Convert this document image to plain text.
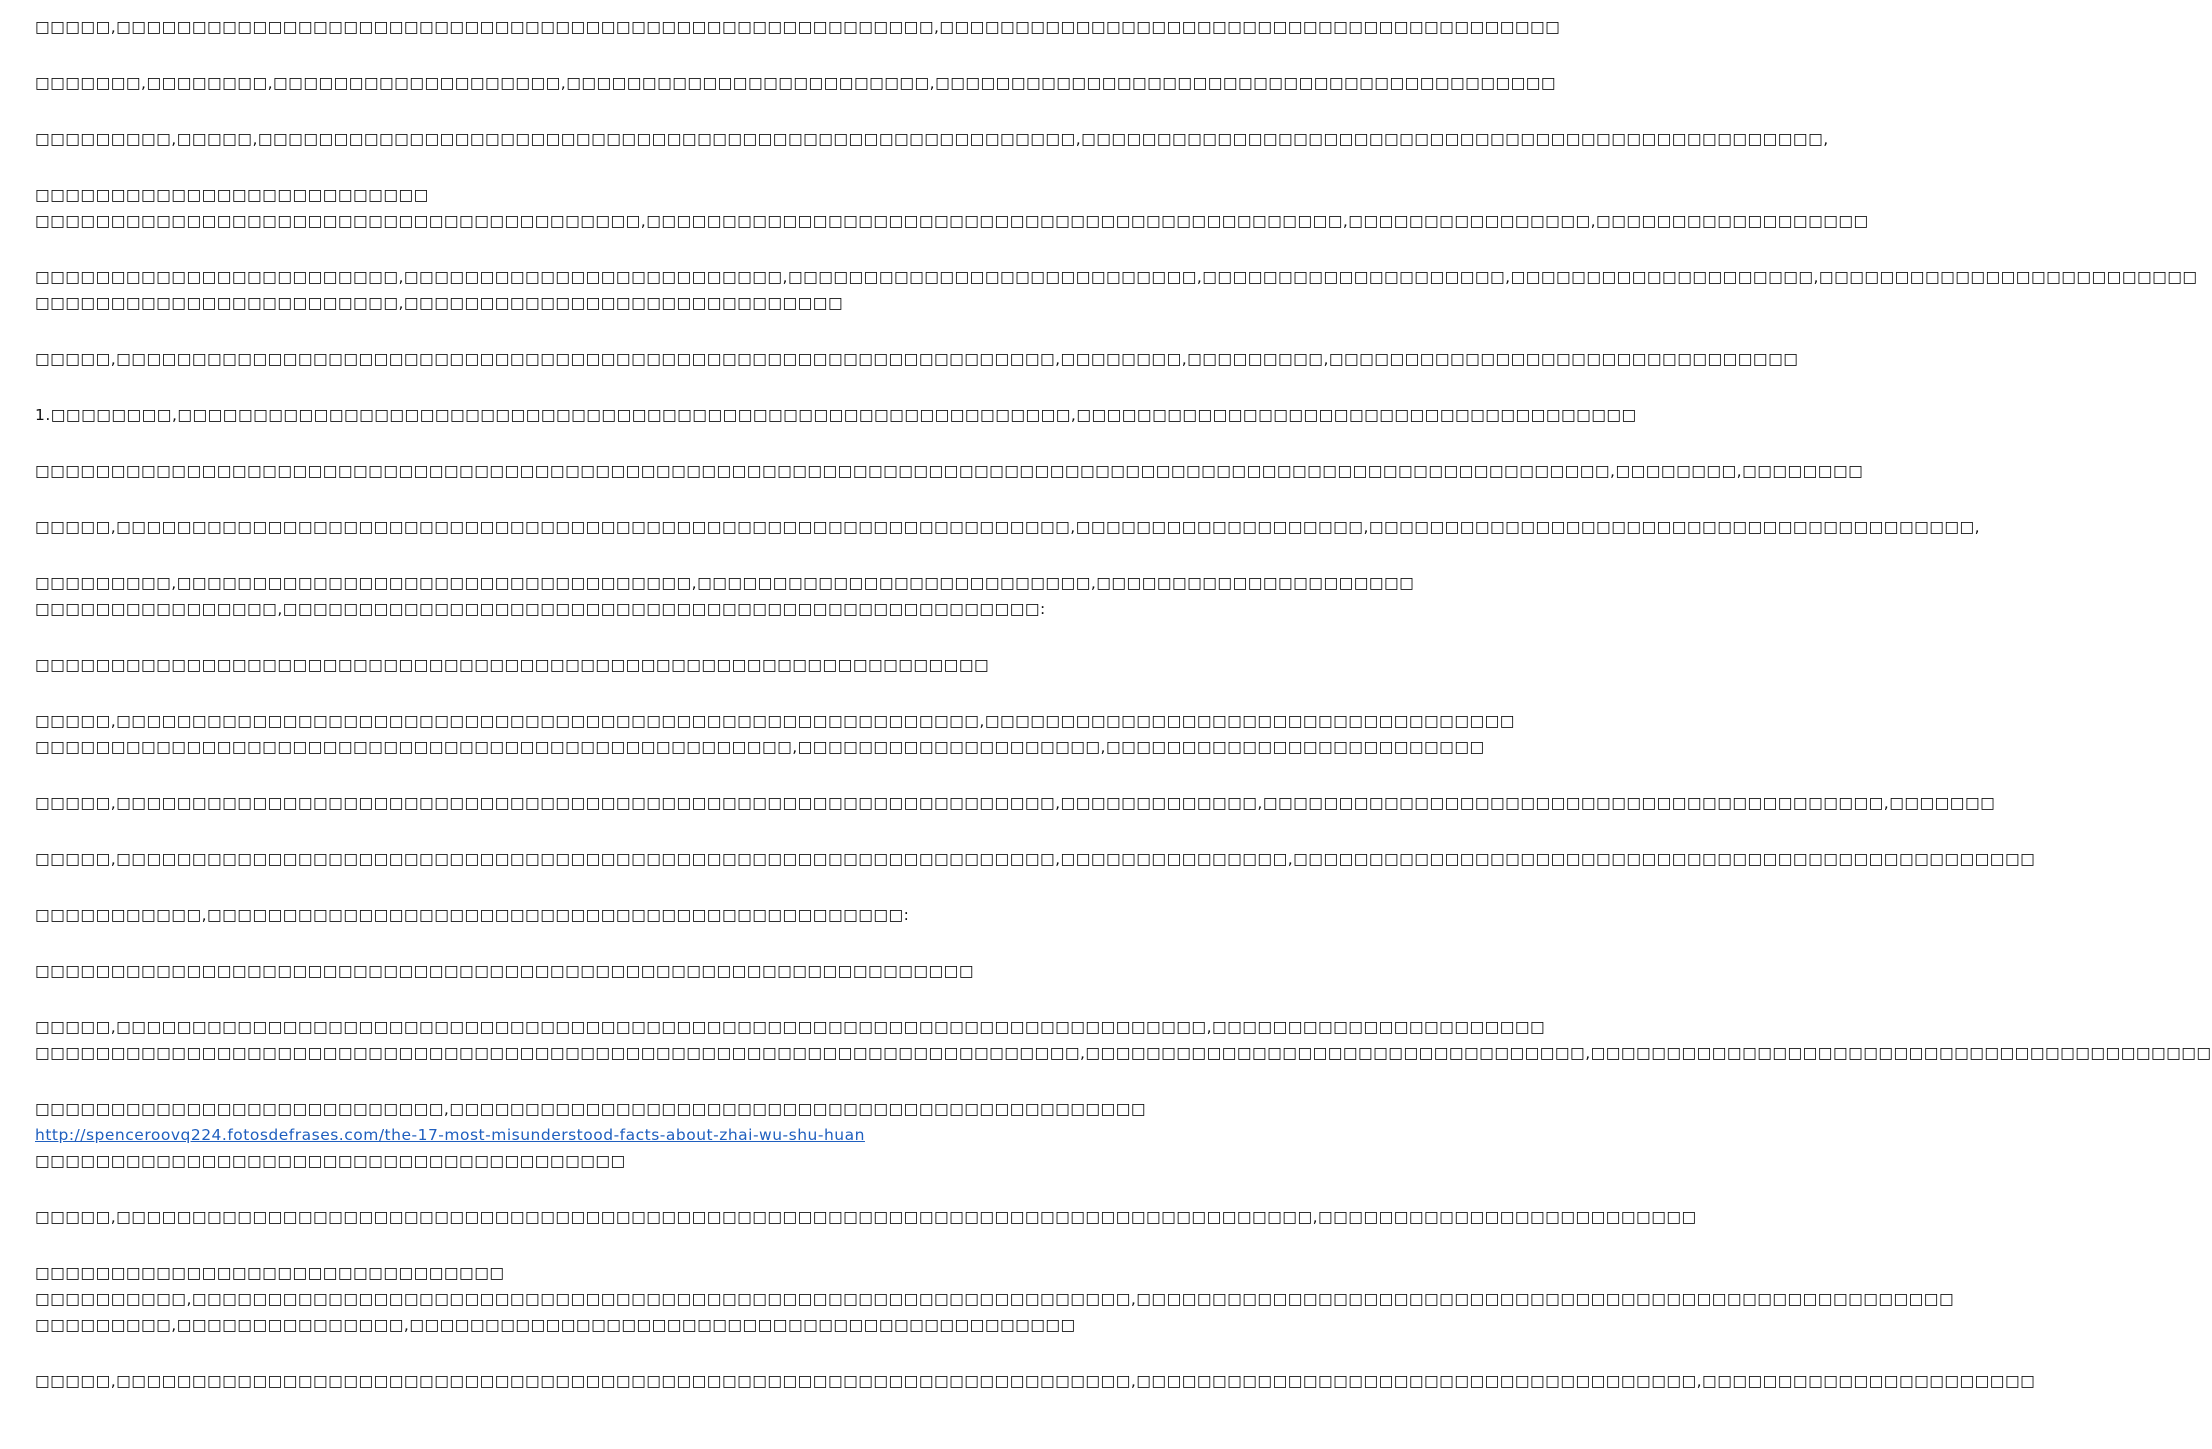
□□□□□,□□□□□□□□□□□□□□□□□□□□□□□□□□□□□□□□□□□□□□□□□□□□□□□□□□□□□□,□□□□□□□□□□□□□□□□□□□□□□□□□□□□□□□□□□□□□□□□□

□□□□□□□,□□□□□□□□,□□□□□□□□□□□□□□□□□□□,□□□□□□□□□□□□□□□□□□□□□□□□,□□□□□□□□□□□□□□□□□□□□□□□□□□□□□□□□□□□□□□□□□

□□□□□□□□□,□□□□□,□□□□□□□□□□□□□□□□□□□□□□□□□□□□□□□□□□□□□□□□□□□□□□□□□□□□□□,□□□□□□□□□□□□□□□□□□□□□□□□□□□□□□□□□□□□□□□□□□□□□□□□□,

□□□□□□□□□□□□□□□□□□□□□□□□□□
□□□□□□□□□□□□□□□□□□□□□□□□□□□□□□□□□□□□□□□□,□□□□□□□□□□□□□□□□□□□□□□□□□□□□□□□□□□□□□□□□□□□□□□,□□□□□□□□□□□□□□□□,□□□□□□□□□□□□□□□□□□

□□□□□□□□□□□□□□□□□□□□□□□□,□□□□□□□□□□□□□□□□□□□□□□□□□,□□□□□□□□□□□□□□□□□□□□□□□□□□□,□□□□□□□□□□□□□□□□□□□□,□□□□□□□□□□□□□□□□□□□□,□□□□□□□□□□□□□□□□□□□□□□□□□
□□□□□□□□□□□□□□□□□□□□□□□□,□□□□□□□□□□□□□□□□□□□□□□□□□□□□□

□□□□□,□□□□□□□□□□□□□□□□□□□□□□□□□□□□□□□□□□□□□□□□□□□□□□□□□□□□□□□□□□□□□□,□□□□□□□□,□□□□□□□□□,□□□□□□□□□□□□□□□□□□□□□□□□□□□□□□□

1.□□□□□□□□,□□□□□□□□□□□□□□□□□□□□□□□□□□□□□□□□□□□□□□□□□□□□□□□□□□□□□□□□□□□,□□□□□□□□□□□□□□□□□□□□□□□□□□□□□□□□□□□□□

□□□□□□□□□□□□□□□□□□□□□□□□□□□□□□□□□□□□□□□□□□□□□□□□□□□□□□□□□□□□□□□□□□□□□□□□□□□□□□□□□□□□□□□□□□□□□□□□□□□□□□□□,□□□□□□□□,□□□□□□□□

□□□□□,□□□□□□□□□□□□□□□□□□□□□□□□□□□□□□□□□□□□□□□□□□□□□□□□□□□□□□□□□□□□□□□,□□□□□□□□□□□□□□□□□□□,□□□□□□□□□□□□□□□□□□□□□□□□□□□□□□□□□□□□□□□□,

□□□□□□□□□,□□□□□□□□□□□□□□□□□□□□□□□□□□□□□□□□□□,□□□□□□□□□□□□□□□□□□□□□□□□□□,□□□□□□□□□□□□□□□□□□□□□
□□□□□□□□□□□□□□□□,□□□□□□□□□□□□□□□□□□□□□□□□□□□□□□□□□□□□□□□□□□□□□□□□□□:

□□□□□□□□□□□□□□□□□□□□□□□□□□□□□□□□□□□□□□□□□□□□□□□□□□□□□□□□□□□□□□□

□□□□□,□□□□□□□□□□□□□□□□□□□□□□□□□□□□□□□□□□□□□□□□□□□□□□□□□□□□□□□□□,□□□□□□□□□□□□□□□□□□□□□□□□□□□□□□□□□□□
□□□□□□□□□□□□□□□□□□□□□□□□□□□□□□□□□□□□□□□□□□□□□□□□□□,□□□□□□□□□□□□□□□□□□□□,□□□□□□□□□□□□□□□□□□□□□□□□□

□□□□□,□□□□□□□□□□□□□□□□□□□□□□□□□□□□□□□□□□□□□□□□□□□□□□□□□□□□□□□□□□□□□□,□□□□□□□□□□□□□,□□□□□□□□□□□□□□□□□□□□□□□□□□□□□□□□□□□□□□□□□,□□□□□□□

□□□□□,□□□□□□□□□□□□□□□□□□□□□□□□□□□□□□□□□□□□□□□□□□□□□□□□□□□□□□□□□□□□□□,□□□□□□□□□□□□□□□,□□□□□□□□□□□□□□□□□□□□□□□□□□□□□□□□□□□□□□□□□□□□□□□□□

□□□□□□□□□□□,□□□□□□□□□□□□□□□□□□□□□□□□□□□□□□□□□□□□□□□□□□□□□□:

□□□□□□□□□□□□□□□□□□□□□□□□□□□□□□□□□□□□□□□□□□□□□□□□□□□□□□□□□□□□□□

□□□□□,□□□□□□□□□□□□□□□□□□□□□□□□□□□□□□□□□□□□□□□□□□□□□□□□□□□□□□□□□□□□□□□□□□□□□□□□,□□□□□□□□□□□□□□□□□□□□□□
□□□□□□□□□□□□□□□□□□□□□□□□□□□□□□□□□□□□□□□□□□□□□□□□□□□□□□□□□□□□□□□□□□□□□,□□□□□□□□□□□□□□□□□□□□□□□□□□□□□□□□□,□□□□□□□□□□□□□□□□□□□□□□□□□□□□□□□□□□□□□□□□□

□□□□□□□□□□□□□□□□□□□□□□□□□□□,□□□□□□□□□□□□□□□□□□□□□□□□□□□□□□□□□□□□□□□□□□□□□□ http://spenceroovq224.fotosdefrases.com/the-17-most-misunderstood-facts-about-zhai-wu-shu-huan □□□□□□□□□□□□□□□□□□□□□□□□□□□□□□□□□□□□□□□

□□□□□,□□□□□□□□□□□□□□□□□□□□□□□□□□□□□□□□□□□□□□□□□□□□□□□□□□□□□□□□□□□□□□□□□□□□□□□□□□□□□□□,□□□□□□□□□□□□□□□□□□□□□□□□□

□□□□□□□□□□□□□□□□□□□□□□□□□□□□□□□
□□□□□□□□□□,□□□□□□□□□□□□□□□□□□□□□□□□□□□□□□□□□□□□□□□□□□□□□□□□□□□□□□□□□□□□□□,□□□□□□□□□□□□□□□□□□□□□□□□□□□□□□□□□□□□□□□□□□□□□□□□□□□□□□
□□□□□□□□□,□□□□□□□□□□□□□□□,□□□□□□□□□□□□□□□□□□□□□□□□□□□□□□□□□□□□□□□□□□□□

□□□□□,□□□□□□□□□□□□□□□□□□□□□□□□□□□□□□□□□□□□□□□□□□□□□□□□□□□□□□□□□□□□□□□□□□□,□□□□□□□□□□□□□□□□□□□□□□□□□□□□□□□□□□□□□,□□□□□□□□□□□□□□□□□□□□□□
